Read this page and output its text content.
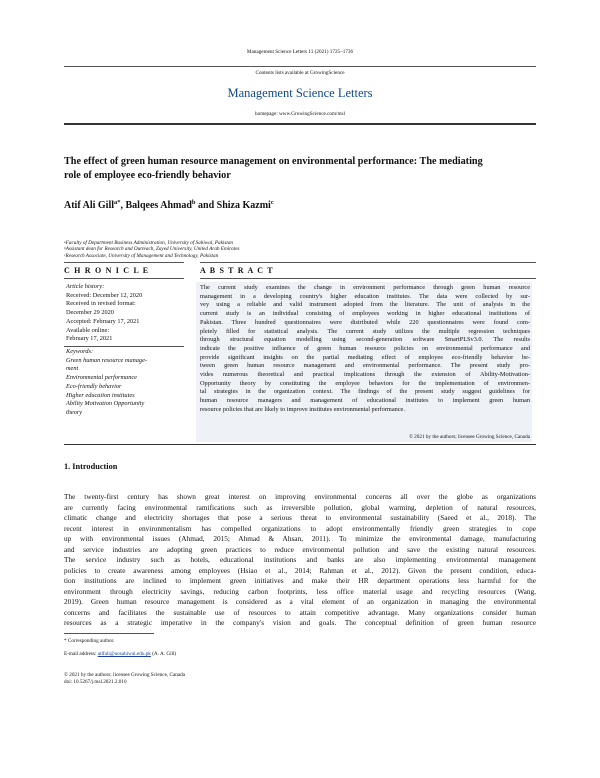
Management Science Letters 11 (2021) 1725–1736
Contents lists available at GrowingScience
Management Science Letters
homepage: www.GrowingScience.com/msl
The effect of green human resource management on environmental performance: The mediating
role of employee eco-friendly behavior
Atif Ali Gill$^{a*}$, Balqees Ahmad$^b$ and Shiza Kazmi$^c$
$^a$Faculty of Department Business Administration, University of Sahiwal, Pakistan
$^b$Assistant dean for Research and Outreach, Zayed University, United Arab Emirates
$^c$Research Associate, University of Management and Technology, Pakistan
C H R O N I C L E	A B S T R A C T
Article history:
Received: December 12, 2020
Received in revised format:
December 29 2020
Accepted: February 17, 2021
Available online:
February 17, 2021
Keywords:
Green human resource manage-
ment
Environmental performance
Eco-friendly behavior
Higher education institutes
Ability Motivation Opportunity
theory
The current study examines the change in environment performance through green human resource
management in a developing country's higher education institutes. The data were collected by sur-
vey using a reliable and valid instrument adopted from the literature. The unit of analysis in the
current study is an individual consisting of employees working in higher educational institutions of
Pakistan. Three hundred questionnaires were distributed while 220 questionnaires were found com-
pletely filled for statistical analysis. The current study utilizes the multiple regression techniques
through structural equation modelling using second-generation software SmartPLSv3.0. The results
indicate the positive influence of green human resource policies on environmental performance and
provide significant insights on the partial mediating effect of employee eco-friendly behavior be-
tween green human resource management and environmental performance. The present study pro-
vides numerous theoretical and practical implications through the extension of Ability-Motivation-
Opportunity theory by constituting the employee behaviors for the implementation of environmen-
tal strategies in the organization context. The findings of the present study suggest guidelines for
human resource managers and management of educational institutes to implement green human
resource policies that are likely to improve institutes environmental performance.
© 2021 by the authors; licensee Growing Science, Canada
1. Introduction
The twenty-first century has shown great interest on improving environmental concerns all over the globe as organizations
are currently facing environmental ramifications such as irreversible pollution, global warming, depletion of natural resources,
climatic change and electricity shortages that pose a serious threat to environmental sustainability (Saeed et al., 2018). The
recent interest in environmentalism has compelled organizations to adopt environmentally friendly green strategies to cope
up with environmental issues (Ahmad, 2015; Ahmad & Ahsan, 2011). To minimize the environmental damage, manufacturing
and service industries are adopting green practices to reduce environmental pollution and save the existing natural resources.
The service industry such as hotels, educational institutions and banks are also implementing environmental management
policies to create awareness among employees (Hsiao et al., 2014; Rahman et al., 2012). Given the present condition, educa-
tion institutions are inclined to implement green initiatives and make their HR department operations less harmful for the
environment through electricity savings, reducing carbon footprints, less office material usage and recycling resources (Wang,
2019). Green human resource management is considered as a vital element of an organization in managing the environmental
concerns and facilitates the sustainable use of resources to attain competitive advantage. Many organizations consider human
resources as a strategic imperative in the company's vision and goals. The conceptual definition of green human resource
* Corresponding author.
E-mail address: atifali@uosahiwal.edu.pk (A. A. Gill)
© 2021 by the authors; licensee Growing Science, Canada
doi: 10.5267/j.msl.2021.2.010
